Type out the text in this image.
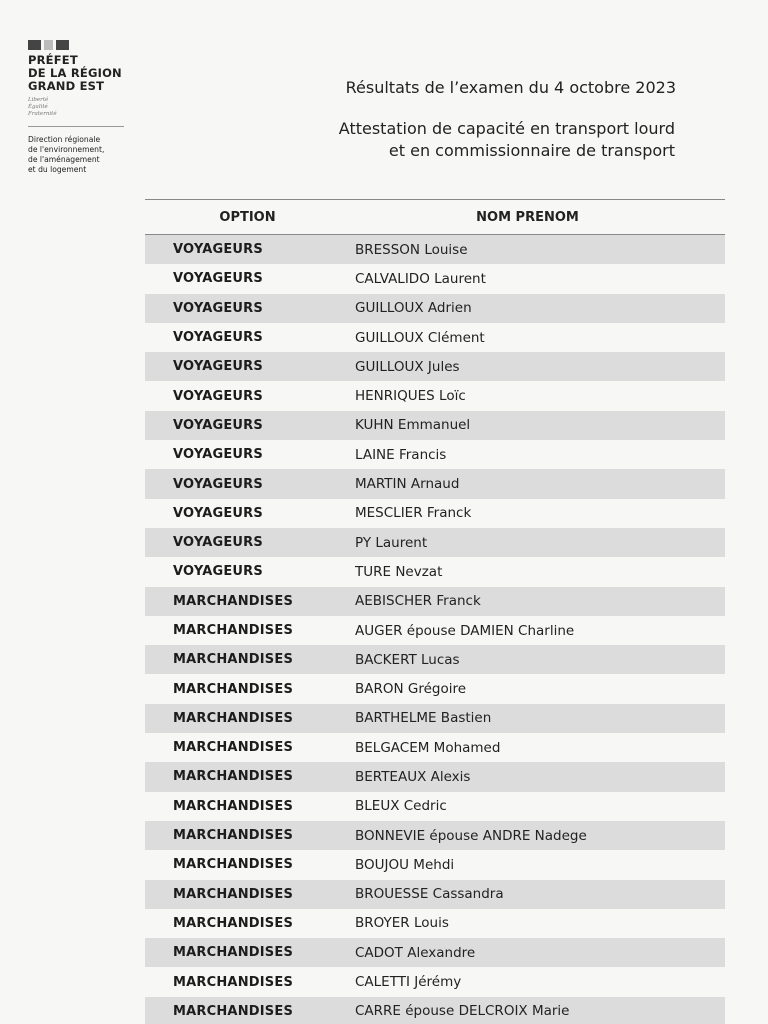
PRÉFET
DE LA RÉGION
GRAND EST
Liberté
Égalité
Fraternité
Direction régionale
de l'environnement,
de l'aménagement
et du logement
Résultats de l’examen du 4 octobre 2023
Attestation de capacité en transport lourd
et en commissionnaire de transport
OPTION	NOM PRENOM
VOYAGEURS	BRESSON Louise
VOYAGEURS	CALVALIDO Laurent
VOYAGEURS	GUILLOUX Adrien
VOYAGEURS	GUILLOUX Clément
VOYAGEURS	GUILLOUX Jules
VOYAGEURS	HENRIQUES Loïc
VOYAGEURS	KUHN Emmanuel
VOYAGEURS	LAINE Francis
VOYAGEURS	MARTIN Arnaud
VOYAGEURS	MESCLIER Franck
VOYAGEURS	PY Laurent
VOYAGEURS	TURE Nevzat
MARCHANDISES	AEBISCHER Franck
MARCHANDISES	AUGER épouse DAMIEN Charline
MARCHANDISES	BACKERT Lucas
MARCHANDISES	BARON Grégoire
MARCHANDISES	BARTHELME Bastien
MARCHANDISES	BELGACEM Mohamed
MARCHANDISES	BERTEAUX Alexis
MARCHANDISES	BLEUX Cedric
MARCHANDISES	BONNEVIE épouse ANDRE Nadege
MARCHANDISES	BOUJOU Mehdi
MARCHANDISES	BROUESSE Cassandra
MARCHANDISES	BROYER Louis
MARCHANDISES	CADOT Alexandre
MARCHANDISES	CALETTI Jérémy
MARCHANDISES	CARRE épouse DELCROIX Marie
